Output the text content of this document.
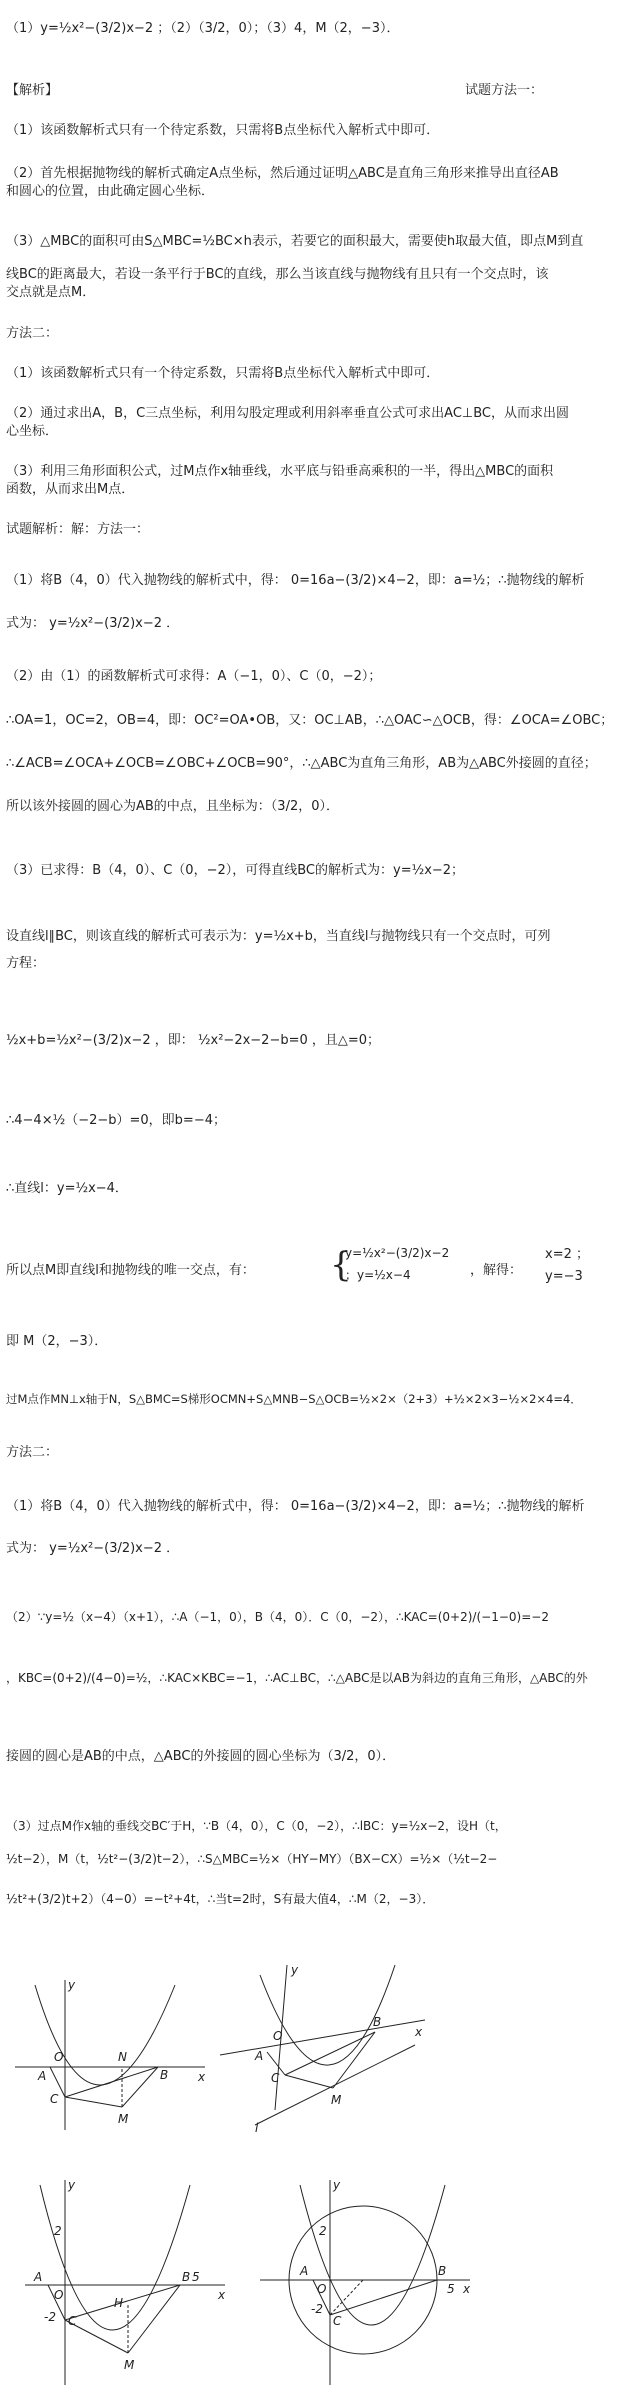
（1）y=½x²−(3/2)x−2 ；（2）（3/2，0）；（3）4，M（2，−3）．
【解析】	试题方法一：
（1）该函数解析式只有一个待定系数，只需将B点坐标代入解析式中即可．
（2）首先根据抛物线的解析式确定A点坐标，然后通过证明△ABC是直角三角形来推导出直径AB
和圆心的位置，由此确定圆心坐标．
（3）△MBC的面积可由S△MBC=½BC×h表示，若要它的面积最大，需要使h取最大值，即点M到直
线BC的距离最大，若设一条平行于BC的直线，那么当该直线与抛物线有且只有一个交点时，该
交点就是点M．
方法二：
（1）该函数解析式只有一个待定系数，只需将B点坐标代入解析式中即可．
（2）通过求出A，B，C三点坐标，利用勾股定理或利用斜率垂直公式可求出AC⊥BC，从而求出圆
心坐标．
（3）利用三角形面积公式，过M点作x轴垂线，水平底与铅垂高乘积的一半，得出△MBC的面积
函数，从而求出M点．
试题解析：解：方法一：
（1）将B（4，0）代入抛物线的解析式中，得： 0=16a−(3/2)×4−2，即：a=½；∴抛物线的解析
式为： y=½x²−(3/2)x−2 ．
（2）由（1）的函数解析式可求得：A（−1，0）、C（0，−2）；
∴OA=1，OC=2，OB=4，即：OC²=OA•OB，又：OC⊥AB，∴△OAC∽△OCB，得：∠OCA=∠OBC；
∴∠ACB=∠OCA+∠OCB=∠OBC+∠OCB=90°，∴△ABC为直角三角形，AB为△ABC外接圆的直径；
所以该外接圆的圆心为AB的中点，且坐标为：（3/2，0）．
（3）已求得：B（4，0）、C（0，−2），可得直线BC的解析式为：y=½x−2；
设直线l∥BC，则该直线的解析式可表示为：y=½x+b，当直线l与抛物线只有一个交点时，可列
方程：
½x+b=½x²−(3/2)x−2 ，即： ½x²−2x−2−b=0 ，且△=0；
∴4−4×½（−2−b）=0，即b=−4；
∴直线l：y=½x−4．
所以点M即直线l和抛物线的唯一交点，有：	{
y=½x²−(3/2)x−2 ；y=½x−4	，解得：
x=2 ；y=−3
即 M（2，−3）．
过M点作MN⊥x轴于N，S△BMC=S梯形OCMN+S△MNB−S△OCB=½×2×（2+3）+½×2×3−½×2×4=4．
方法二：
（1）将B（4，0）代入抛物线的解析式中，得： 0=16a−(3/2)×4−2，即：a=½；∴抛物线的解析
式为： y=½x²−(3/2)x−2 ．
（2）∵y=½（x−4）（x+1），∴A（−1，0），B（4，0）．C（0，−2），∴KAC=(0+2)/(−1−0)=−2
，KBC=(0+2)/(4−0)=½，∴KAC×KBC=−1，∴AC⊥BC，∴△ABC是以AB为斜边的直角三角形，△ABC的外
接圆的圆心是AB的中点，△ABC的外接圆的圆心坐标为（3/2，0）．
（3）过点M作x轴的垂线交BC′于H，∵B（4，0），C（0，−2），∴lBC：y=½x−2，设H（t，
½t−2），M（t，½t²−(3/2)t−2），∴S△MBC=½×（HY−MY）（BX−CX）=½×（½t−2−
½t²+(3/2)t+2）（4−0）=−t²+4t，∴当t=2时，S有最大值4，∴M（2，−3）．
y
x
O
A	B
C
M
N
y
x
O
A
B
C
M
l
y
x
2
O
A	B 5
-2 C
H
M
y
x
2
O
A	B
5
-2
C
